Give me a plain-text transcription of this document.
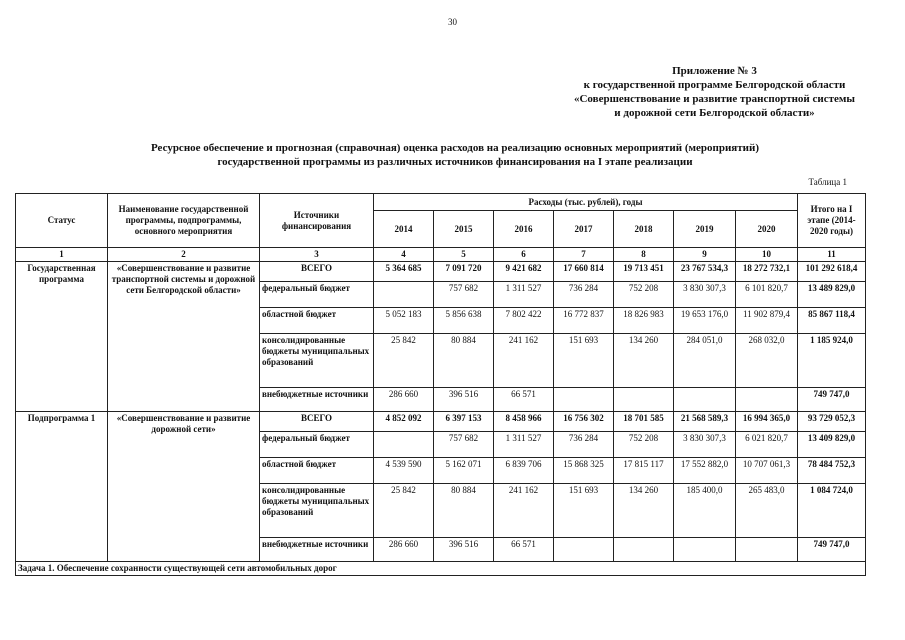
30
Приложение № 3
к государственной программе Белгородской области
«Совершенствование и развитие транспортной системы
и дорожной сети Белгородской области»
Ресурсное обеспечение и прогнозная (справочная) оценка расходов на реализацию основных мероприятий (мероприятий)
государственной программы из различных источников финансирования на I этапе реализации
Таблица 1
Статус	Наименование государственной программы, подпрограммы, основного мероприятия	Источники финансирования	Расходы (тыс. рублей), годы							Итого на I этапе (2014-2020 годы)
			2014	2015	2016	2017	2018	2019	2020	
1	2	3	4	5	6	7	8	9	10	11
Государственная программа	«Совершенствование и развитие транспортной системы и дорожной сети Белгородской области»	ВСЕГО	5 364 685	7 091 720	9 421 682	17 660 814	19 713 451	23 767 534,3	18 272 732,1	101 292 618,4
		федеральный бюджет		757 682	1 311 527	736 284	752 208	3 830 307,3	6 101 820,7	13 489 829,0
		областной бюджет	5 052 183	5 856 638	7 802 422	16 772 837	18 826 983	19 653 176,0	11 902 879,4	85 867 118,4
		консолидированные бюджеты муниципальных образований	25 842	80 884	241 162	151 693	134 260	284 051,0	268 032,0	1 185 924,0
		внебюджетные источники	286 660	396 516	66 571					749 747,0
Подпрограмма 1	«Совершенствование и развитие дорожной сети»	ВСЕГО	4 852 092	6 397 153	8 458 966	16 756 302	18 701 585	21 568 589,3	16 994 365,0	93 729 052,3
		федеральный бюджет		757 682	1 311 527	736 284	752 208	3 830 307,3	6 021 820,7	13 409 829,0
		областной бюджет	4 539 590	5 162 071	6 839 706	15 868 325	17 815 117	17 552 882,0	10 707 061,3	78 484 752,3
		консолидированные бюджеты муниципальных образований	25 842	80 884	241 162	151 693	134 260	185 400,0	265 483,0	1 084 724,0
		внебюджетные источники	286 660	396 516	66 571					749 747,0
Задача 1. Обеспечение сохранности существующей сети автомобильных дорог										
